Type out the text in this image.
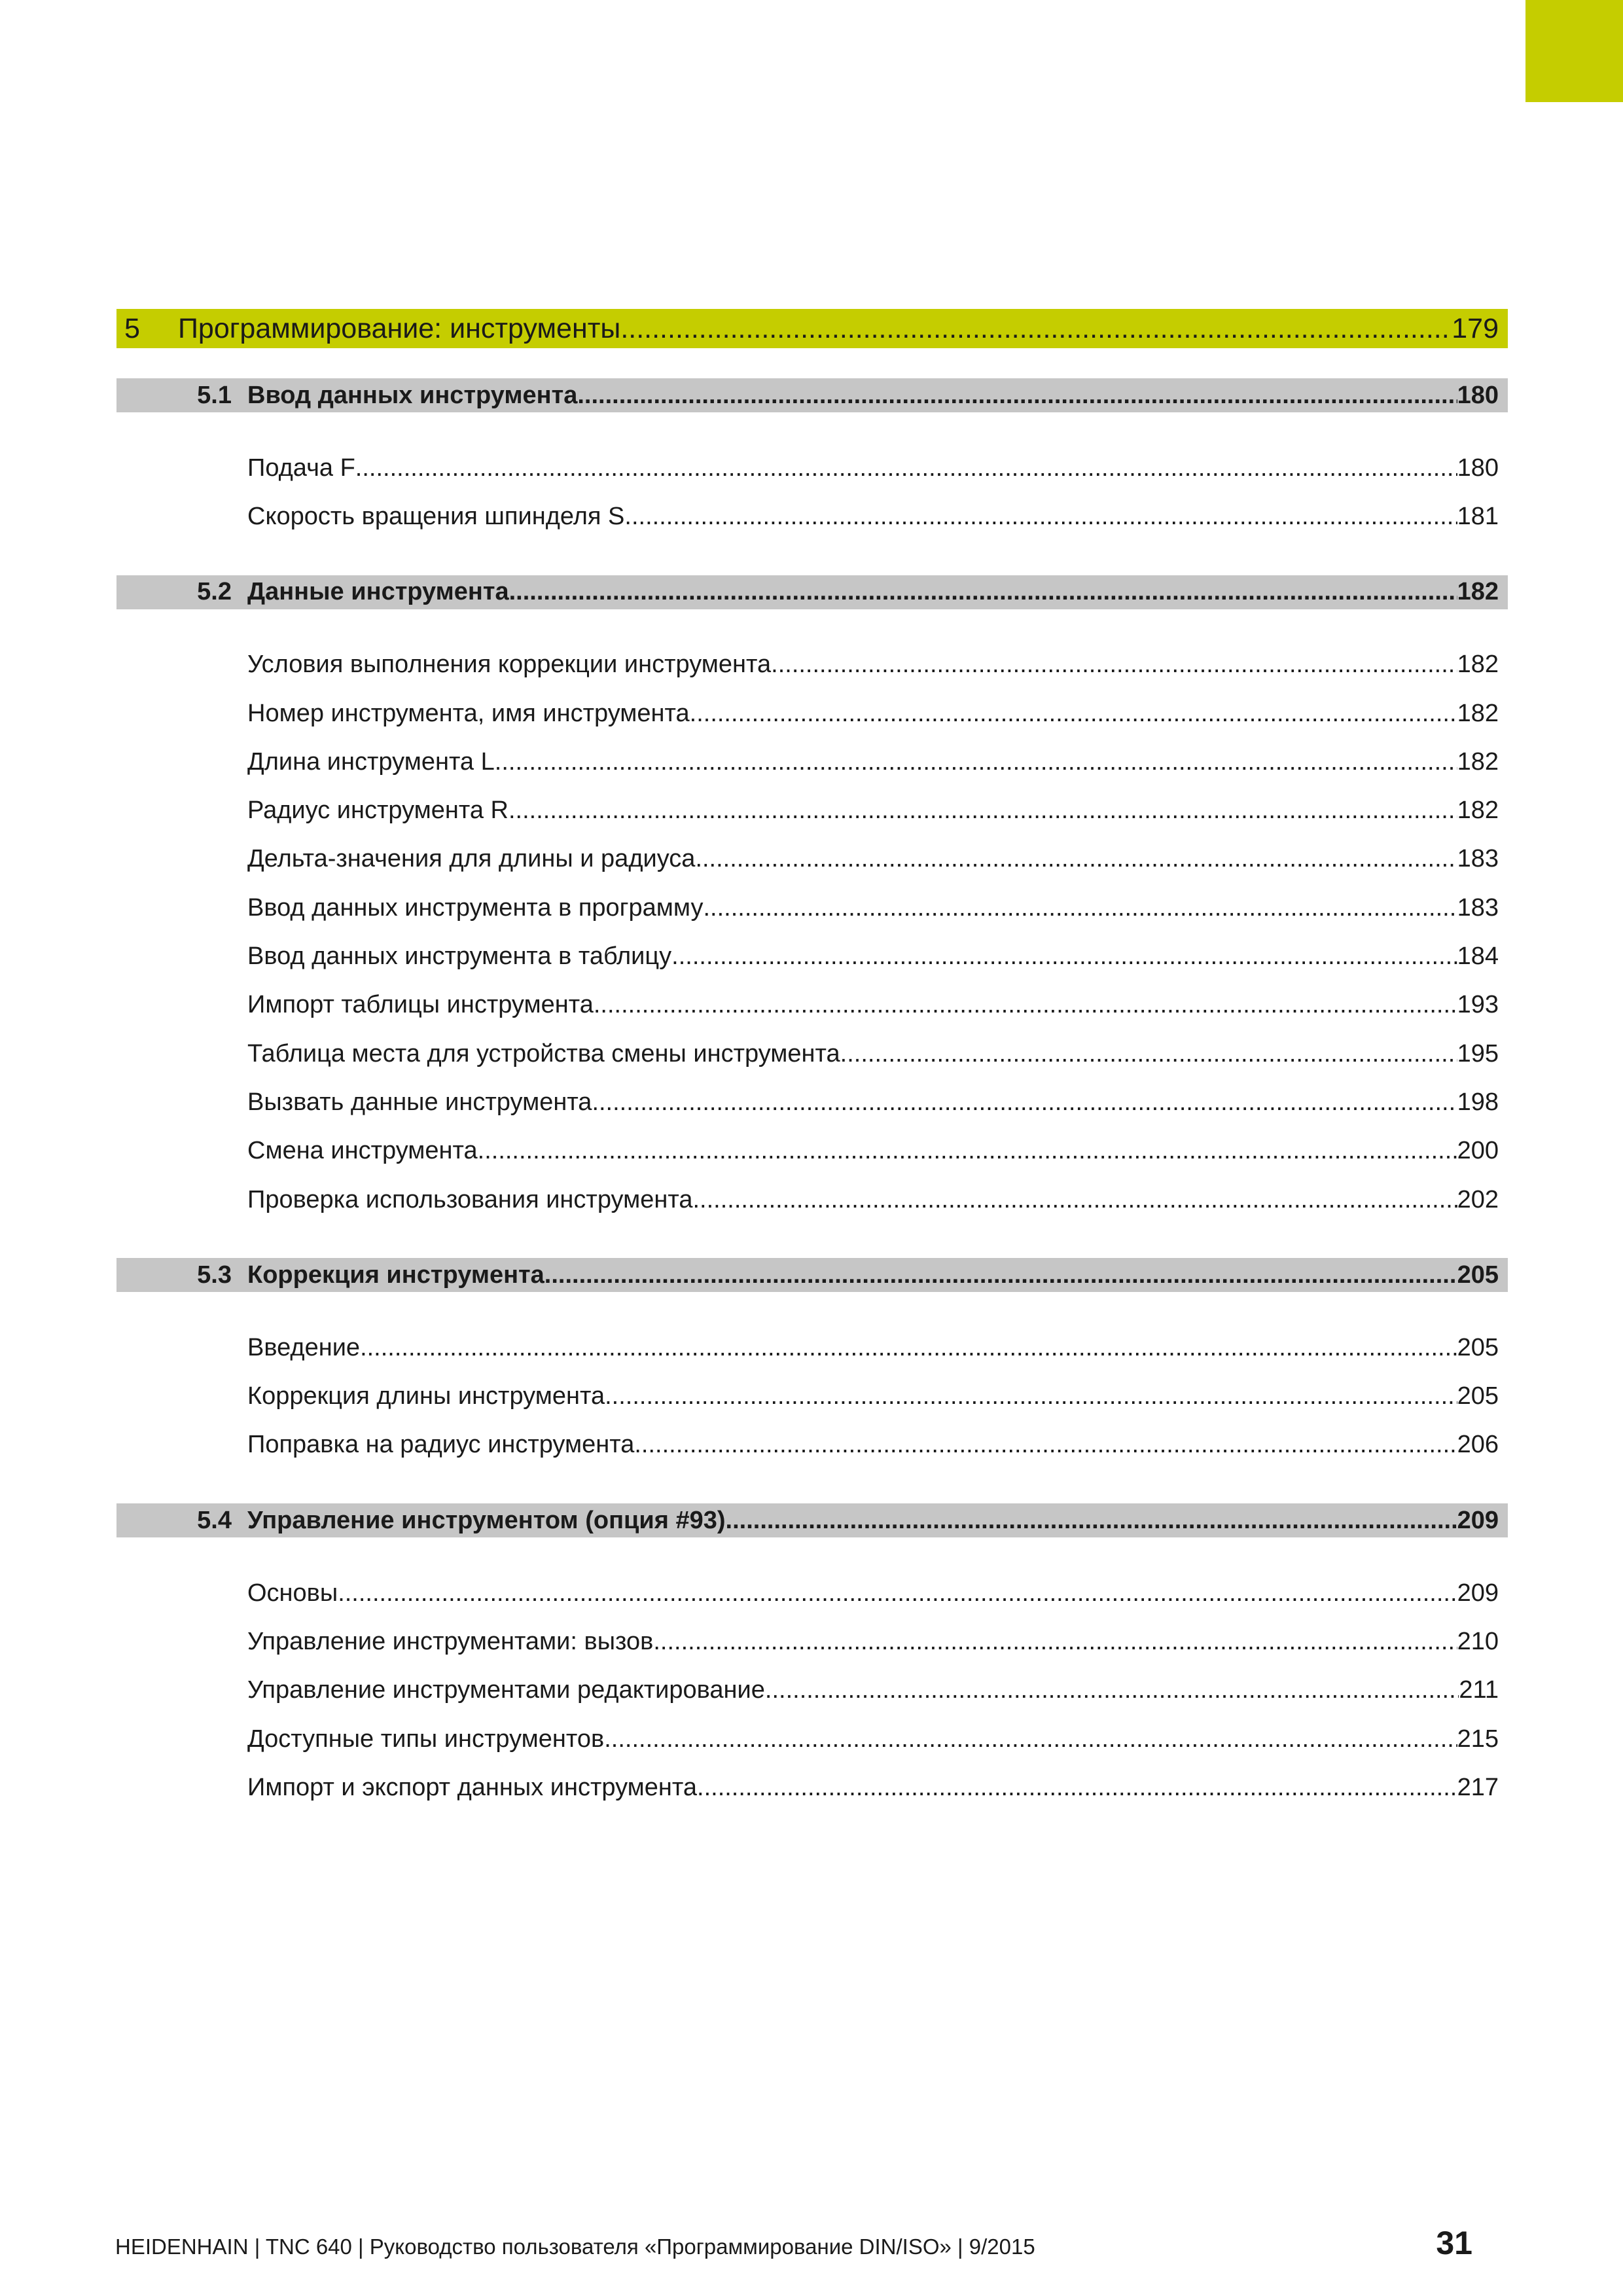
5	Программирование: инструменты .....	179
5.1 Ввод данных инструмента .....	180
Подача F .....	180
Скорость вращения шпинделя S .....	181
5.2 Данные инструмента .....	182
Условия выполнения коррекции инструмента .....	182
Номер инструмента, имя инструмента .....	182
Длина инструмента L .....	182
Радиус инструмента R .....	182
Дельта-значения для длины и радиуса .....	183
Ввод данных инструмента в программу .....	183
Ввод данных инструмента в таблицу .....	184
Импорт таблицы инструмента .....	193
Таблица места для устройства смены инструмента .....	195
Вызвать данные инструмента .....	198
Смена инструмента .....	200
Проверка использования инструмента .....	202
5.3 Коррекция инструмента .....	205
Введение .....	205
Коррекция длины инструмента .....	205
Поправка на радиус инструмента .....	206
5.4 Управление инструментом (опция #93) .....	209
Основы .....	209
Управление инструментами: вызов .....	210
Управление инструментами редактирование .....	211
Доступные типы инструментов .....	215
Импорт и экспорт данных инструмента .....	217
HEIDENHAIN | TNC 640 | Руководство пользователя «Программирование DIN/ISO» | 9/2015	31
